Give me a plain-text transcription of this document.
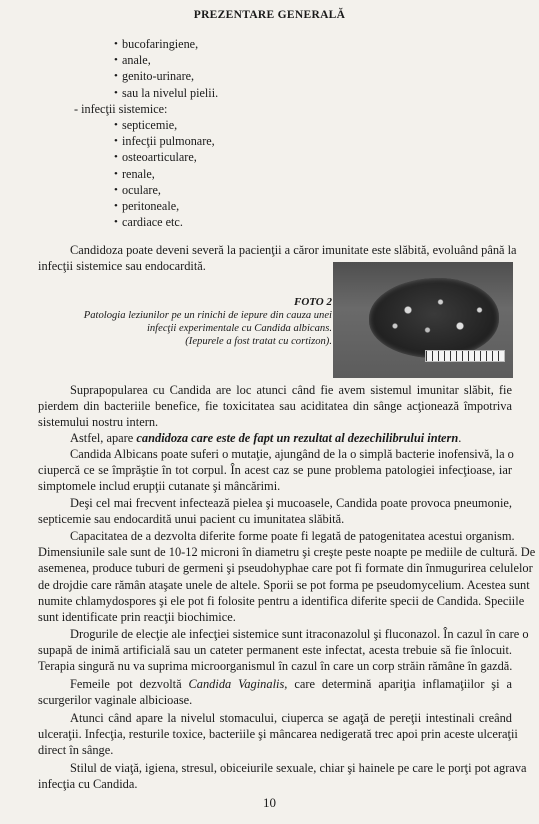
PREZENTARE GENERALĂ
• bucofaringiene,
• anale,
• genito-urinare,
• sau la nivelul pielii.
- infecţii sistemice:
• septicemie,
• infecţii pulmonare,
• osteoarticulare,
• renale,
• oculare,
• peritoneale,
• cardiace etc.
Candidoza poate deveni severă la pacienţii a căror imunitate este slăbită, evoluând până la
infecţii sistemice sau endocardită.
FOTO 2
Patologia leziunilor pe un rinichi de iepure din cauza unei
infecţii experimentale cu Candida albicans.
(Iepurele a fost tratat cu cortizon).
Suprapopularea cu Candida are loc atunci când fie avem sistemul imunitar slăbit, fie
pierdem din bacteriile benefice, fie toxicitatea sau aciditatea din sânge acţionează împotriva
sistemului nostru intern.
Astfel, apare candidoza care este de fapt un rezultat al dezechilibrului intern.
Candida Albicans poate suferi o mutaţie, ajungând de la o simplă bacterie inofensivă, la o
ciupercă ce se împrăştie în tot corpul. În acest caz se pune problema patologiei infecţioase, iar
simptomele includ erupţii cutanate şi mâncărimi.
Deşi cel mai frecvent infectează pielea şi mucoasele, Candida poate provoca pneumonie,
septicemie sau endocardită unui pacient cu imunitatea slăbită.
Capacitatea de a dezvolta diferite forme poate fi legată de patogenitatea acestui organism.
Dimensiunile sale sunt de 10-12 microni în diametru şi creşte peste noapte pe mediile de cultură. De
asemenea, produce tuburi de germeni şi pseudohyphae care pot fi formate din înmugurirea celulelor
de drojdie care rămân ataşate unele de altele. Sporii se pot forma pe pseudomycelium. Acestea sunt
numite chlamydospores şi ele pot fi folosite pentru a identifica diferite specii de Candida. Speciile
sunt identificate prin reacţii biochimice.
Drogurile de elecţie ale infecţiei sistemice sunt itraconazolul şi fluconazol. În cazul în care o
supapă de inimă artificială sau un cateter permanent este infectat, acesta trebuie să fie înlocuit.
Terapia singură nu va suprima microorganismul în cazul în care un corp străin rămâne în gazdă.
Femeile pot dezvoltă Candida Vaginalis, care determină apariţia inflamaţiilor şi a
scurgerilor vaginale albicioase.
Atunci când apare la nivelul stomacului, ciuperca se agaţă de pereţii intestinali creând
ulceraţii. Infecţia, resturile toxice, bacteriile şi mâncarea nedigerată trec apoi prin aceste ulceraţii
direct în sânge.
Stilul de viaţă, igiena, stresul, obiceiurile sexuale, chiar şi hainele pe care le porţi pot agrava
infecţia cu Candida.
10
